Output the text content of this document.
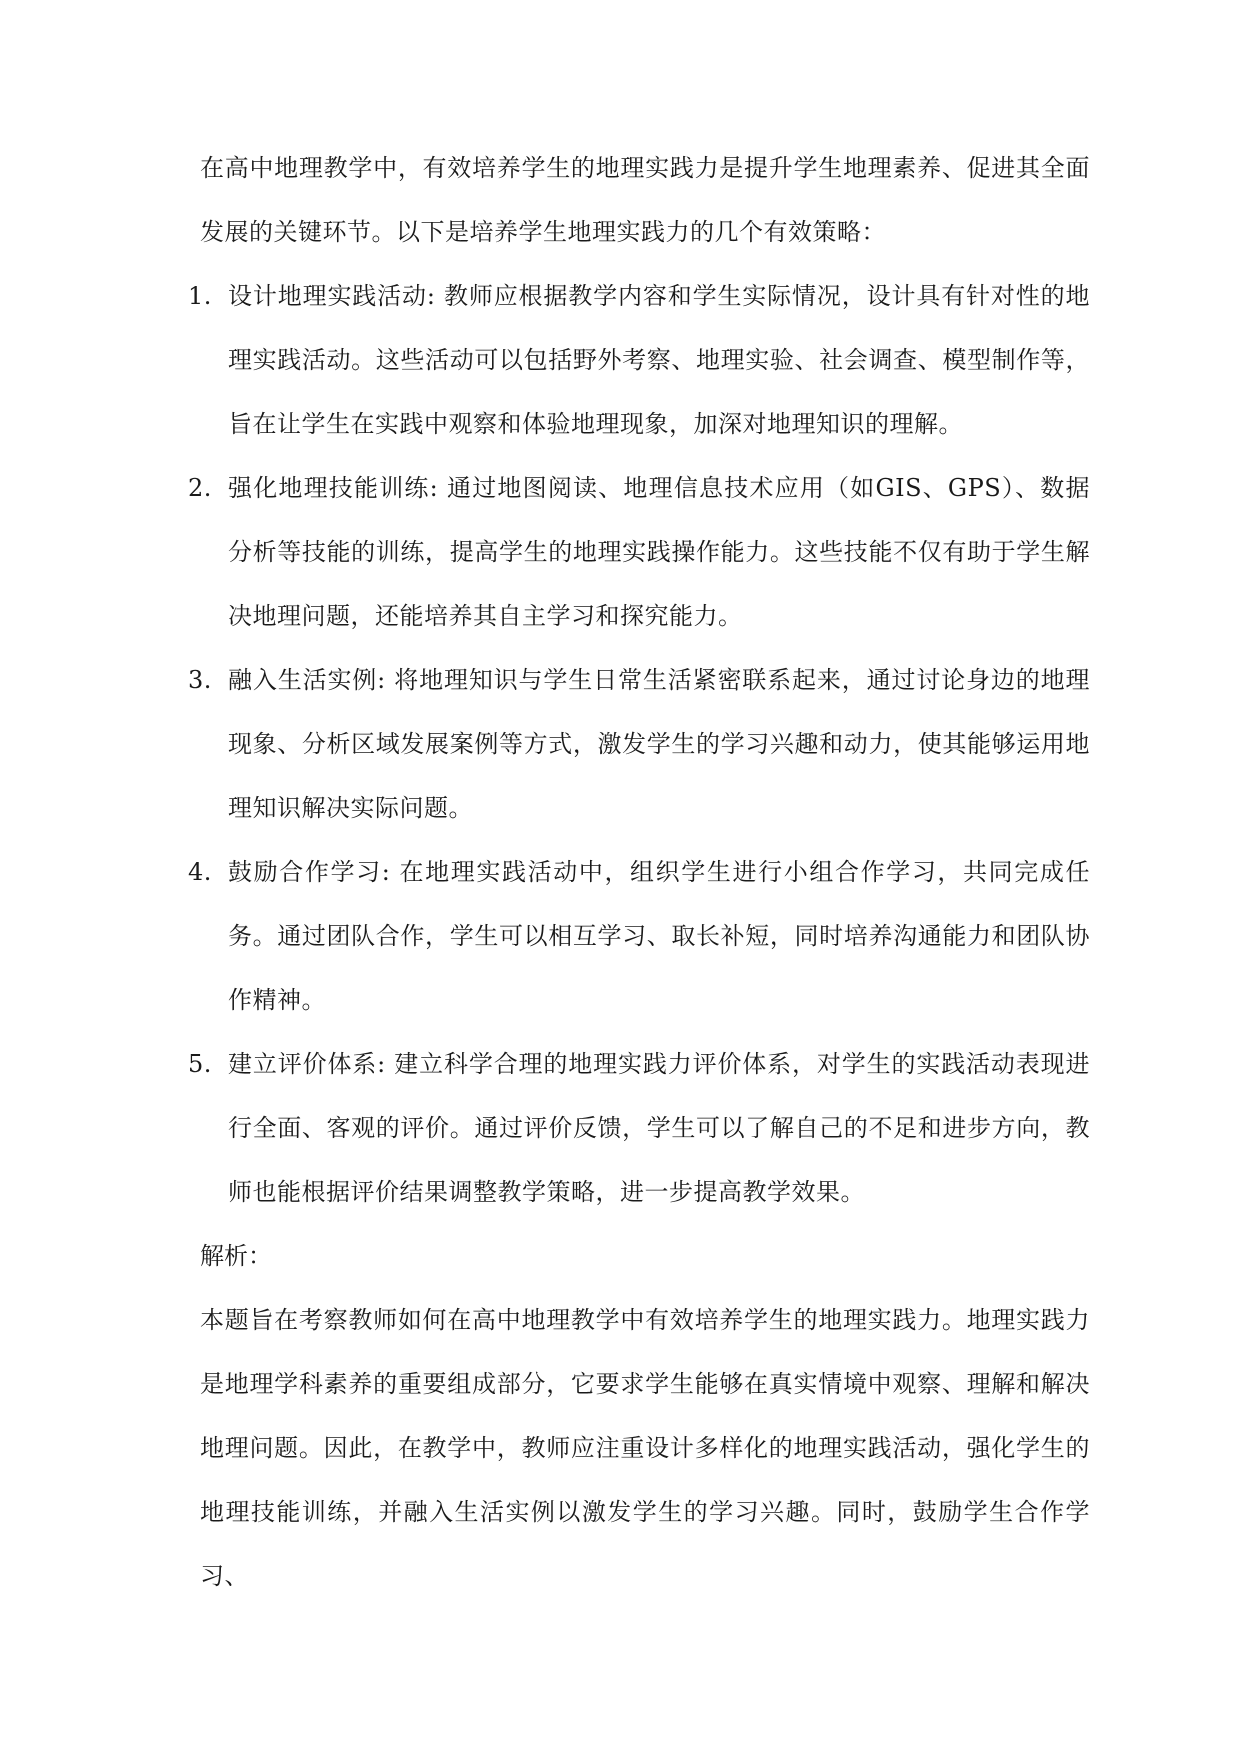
在高中地理教学中，有效培养学生的地理实践力是提升学生地理素养、促进其全面发展的关键环节。以下是培养学生地理实践力的几个有效策略：

1. 设计地理实践活动: 教师应根据教学内容和学生实际情况，设计具有针对性的地理实践活动。这些活动可以包括野外考察、地理实验、社会调查、模型制作等，旨在让学生在实践中观察和体验地理现象，加深对地理知识的理解。
2. 强化地理技能训练: 通过地图阅读、地理信息技术应用（如GIS、GPS）、数据分析等技能的训练，提高学生的地理实践操作能力。这些技能不仅有助于学生解决地理问题，还能培养其自主学习和探究能力。
3. 融入生活实例: 将地理知识与学生日常生活紧密联系起来，通过讨论身边的地理现象、分析区域发展案例等方式，激发学生的学习兴趣和动力，使其能够运用地理知识解决实际问题。
4. 鼓励合作学习: 在地理实践活动中，组织学生进行小组合作学习，共同完成任务。通过团队合作，学生可以相互学习、取长补短，同时培养沟通能力和团队协作精神。
5. 建立评价体系: 建立科学合理的地理实践力评价体系，对学生的实践活动表现进行全面、客观的评价。通过评价反馈，学生可以了解自己的不足和进步方向，教师也能根据评价结果调整教学策略，进一步提高教学效果。

解析：

本题旨在考察教师如何在高中地理教学中有效培养学生的地理实践力。地理实践力是地理学科素养的重要组成部分，它要求学生能够在真实情境中观察、理解和解决地理问题。因此，在教学中，教师应注重设计多样化的地理实践活动，强化学生的地理技能训练，并融入生活实例以激发学生的学习兴趣。同时，鼓励学生合作学习、
